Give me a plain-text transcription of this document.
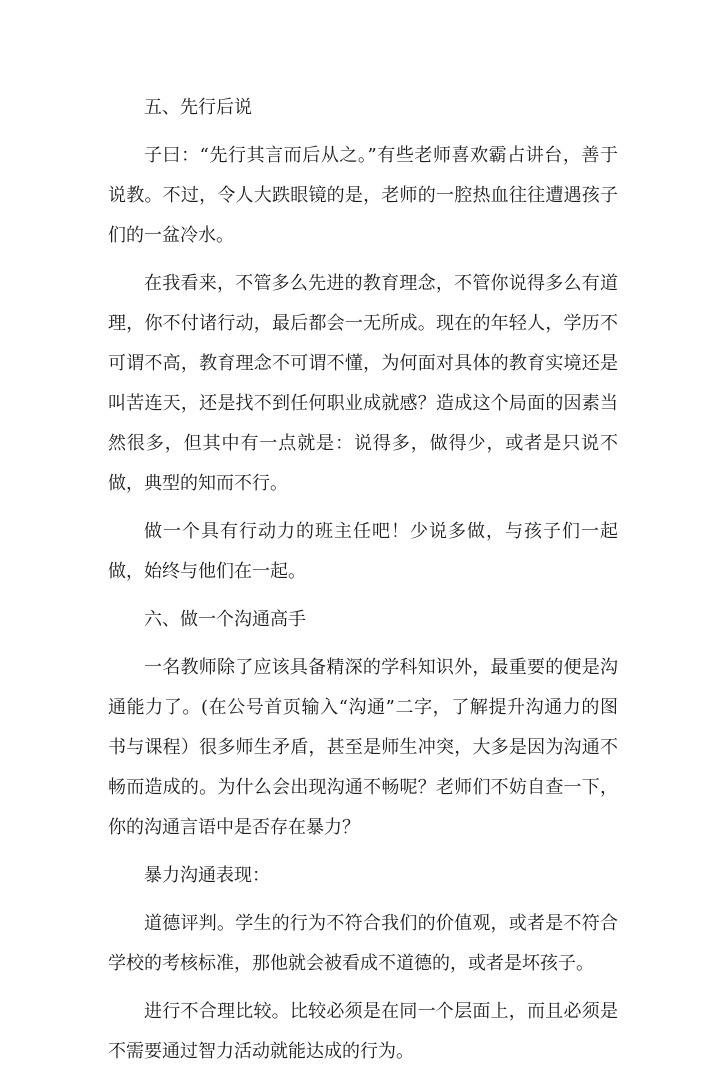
五、先行后说

子曰：“先行其言而后从之。”有些老师喜欢霸占讲台，善于说教。不过，令人大跌眼镜的是，老师的一腔热血往往遭遇孩子们的一盆冷水。

在我看来，不管多么先进的教育理念，不管你说得多么有道理，你不付诸行动，最后都会一无所成。现在的年轻人，学历不可谓不高，教育理念不可谓不懂，为何面对具体的教育实境还是叫苦连天，还是找不到任何职业成就感？造成这个局面的因素当然很多，但其中有一点就是：说得多，做得少，或者是只说不做，典型的知而不行。

做一个具有行动力的班主任吧！少说多做，与孩子们一起做，始终与他们在一起。

六、做一个沟通高手

一名教师除了应该具备精深的学科知识外，最重要的便是沟通能力了。(在公号首页输入“沟通”二字，了解提升沟通力的图书与课程）很多师生矛盾，甚至是师生冲突，大多是因为沟通不畅而造成的。为什么会出现沟通不畅呢？老师们不妨自查一下，你的沟通言语中是否存在暴力？

暴力沟通表现：

道德评判。学生的行为不符合我们的价值观，或者是不符合学校的考核标准，那他就会被看成不道德的，或者是坏孩子。

进行不合理比较。比较必须是在同一个层面上，而且必须是不需要通过智力活动就能达成的行为。
